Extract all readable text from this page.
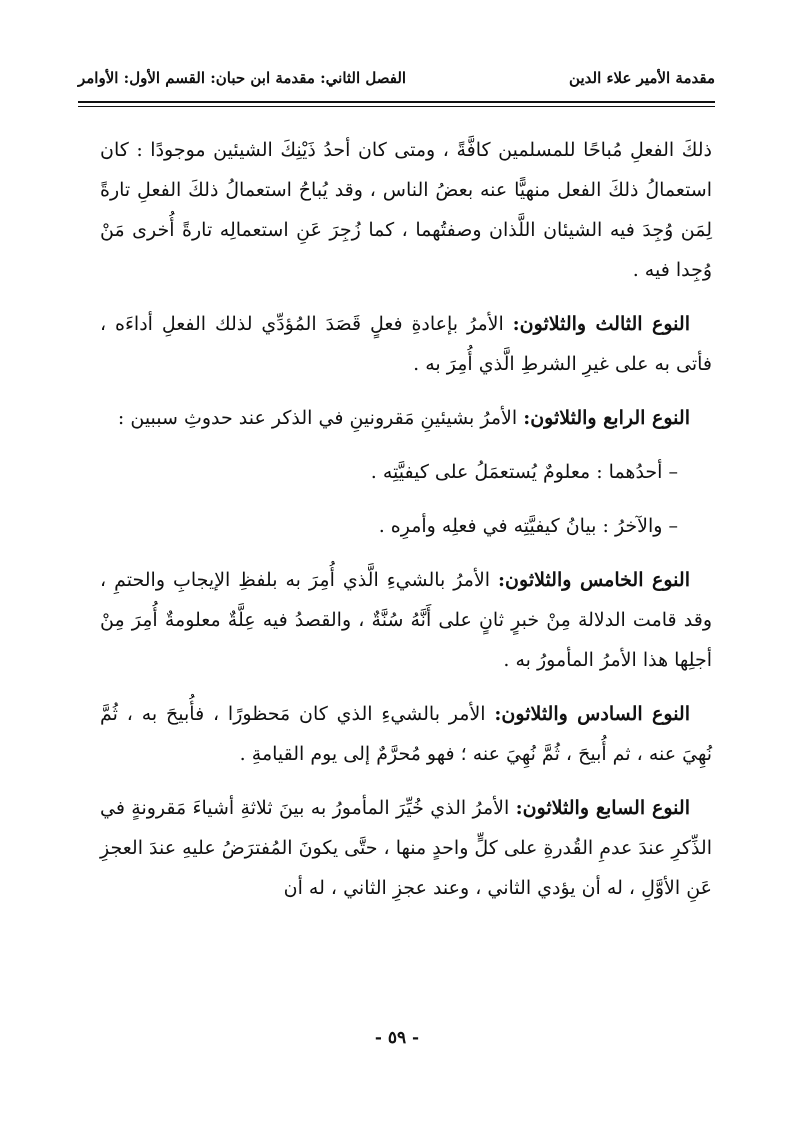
مقدمة الأمير علاء الدين
الفصل الثاني: مقدمة ابن حبان: القسم الأول: الأوامر

ذلكَ الفعلِ مُباحًا للمسلمين كافَّةً ، ومتى كان أحدُ ذَيْنِكَ الشيئين موجودًا : كان استعمالُ ذلكَ الفعل منهيًّا عنه بعضُ الناس ، وقد يُباحُ استعمالُ ذلكَ الفعلِ تارةً لِمَن وُجِدَ فيه الشيئان اللَّذان وصفتُهما ، كما زُجِرَ عَنِ استعمالِه تارةً أُخرى مَنْ وُجِدا فيه .

النوع الثالث والثلاثون: الأمرُ بإعادةِ فعلٍ قَصَدَ المُؤدِّي لذلك الفعلِ أداءَه ، فأتى به على غيرِ الشرطِ الَّذي أُمِرَ به .

النوع الرابع والثلاثون: الأمرُ بشيئينِ مَقرونينِ في الذكر عند حدوثِ سببين :

– أحدُهما : معلومٌ يُستعمَلُ على كيفيَّتِه .

– والآخرُ : بيانُ كيفيَّتِه في فعلِه وأمرِه .

النوع الخامس والثلاثون: الأمرُ بالشيءِ الَّذي أُمِرَ به بلفظِ الإيجابِ والحتمِ ، وقد قامت الدلالة مِنْ خبرٍ ثانٍ على أَنَّهُ سُنَّةٌ ، والقصدُ فيه عِلَّةٌ معلومةٌ أُمِرَ مِنْ أجلِها هذا الأمرُ المأمورُ به .

النوع السادس والثلاثون: الأمر بالشيءِ الذي كان مَحظورًا ، فأُبيحَ به ، ثُمَّ نُهِيَ عنه ، ثم أُبيحَ ، ثُمَّ نُهِيَ عنه ؛ فهو مُحرَّمٌ إلى يوم القيامةِ .

النوع السابع والثلاثون: الأمرُ الذي خُيِّرَ المأمورُ به بينَ ثلاثةِ أشياءَ مَقرونةٍ في الذِّكرِ عندَ عدمِ القُدرةِ على كلٍّ واحدٍ منها ، حتَّى يكونَ المُفترَضُ عليهِ عندَ العجزِ عَنِ الأوَّلِ ، له أن يؤدي الثاني ، وعند عجزِ الثاني ، له أن

- ٥٩ -
